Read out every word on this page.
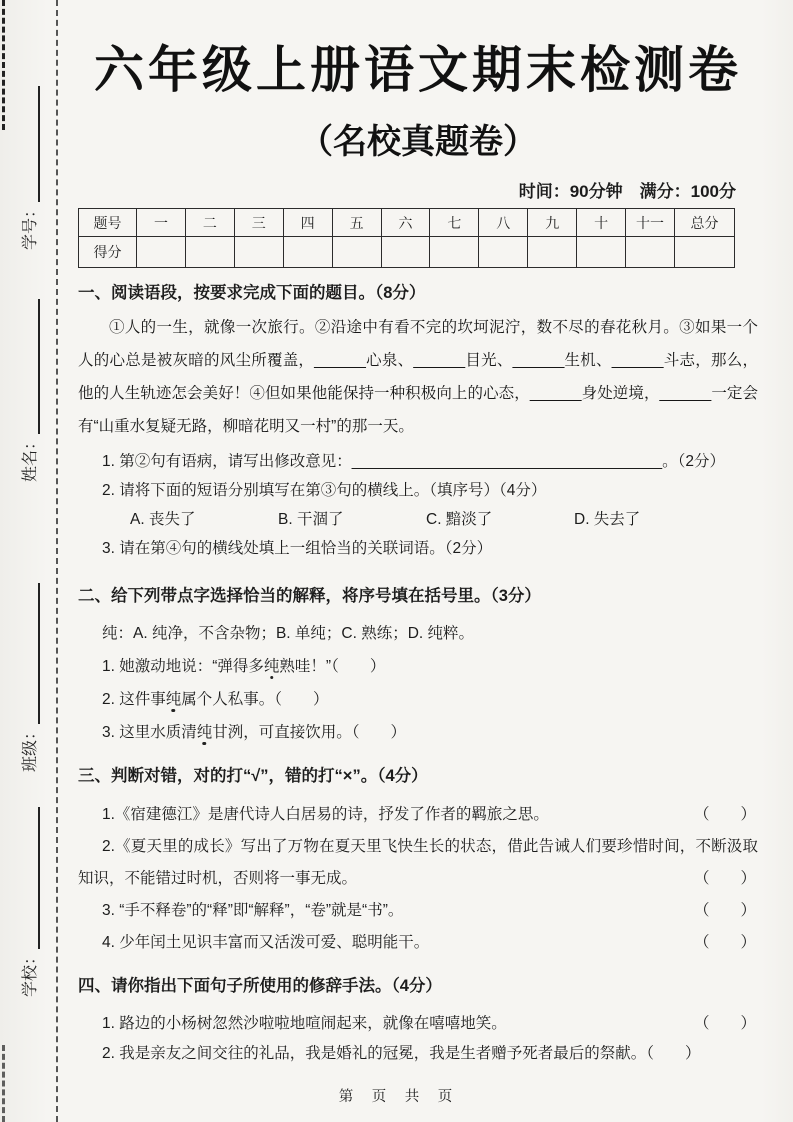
学号：
姓名：
班级：
学校：
六年级上册语文期末检测卷
（名校真题卷）
时间：90分钟　满分：100分
题号	一	二	三	四	五	六	七	八	九	十	十一	总分
得分												
一、阅读语段，按要求完成下面的题目。（8分）

①人的一生，就像一次旅行。②沿途中有看不完的坎坷泥泞，数不尽的春花秋月。③如果一个人的心总是被灰暗的风尘所覆盖，______心泉、______目光、______生机、______斗志，那么，他的人生轨迹怎会美好！④但如果他能保持一种积极向上的心态，______身处逆境，______一定会有“山重水复疑无路，柳暗花明又一村”的那一天。

1. 第②句有语病，请写出修改意见：____________________________________。（2分）
2. 请将下面的短语分别填写在第③句的横线上。（填序号）（4分）
A. 丧失了	B. 干涸了	C. 黯淡了	D. 失去了
3. 请在第④句的横线处填上一组恰当的关联词语。（2分）
二、给下列带点字选择恰当的解释，将序号填在括号里。（3分）
纯：A. 纯净，不含杂物；B. 单纯；C. 熟练；D. 纯粹。
1. 她激动地说：“弹得多纯熟哇！”（　　）
2. 这件事纯属个人私事。（　　）
3. 这里水质清纯甘洌，可直接饮用。（　　）
三、判断对错，对的打“√”，错的打“×”。（4分）
1.《宿建德江》是唐代诗人白居易的诗，抒发了作者的羁旅之思。	（　　）
2.《夏天里的成长》写出了万物在夏天里飞快生长的状态，借此告诫人们要珍惜时间，不断汲取知识，不能错过时机，否则将一事无成。	（　　）
3. “手不释卷”的“释”即“解释”，“卷”就是“书”。	（　　）
4. 少年闰土见识丰富而又活泼可爱、聪明能干。	（　　）
四、请你指出下面句子所使用的修辞手法。（4分）
1. 路边的小杨树忽然沙啦啦地喧闹起来，就像在嘻嘻地笑。	（　　）
2. 我是亲友之间交往的礼品，我是婚礼的冠冕，我是生者赠予死者最后的祭献。（　　）
第　页　共　页
